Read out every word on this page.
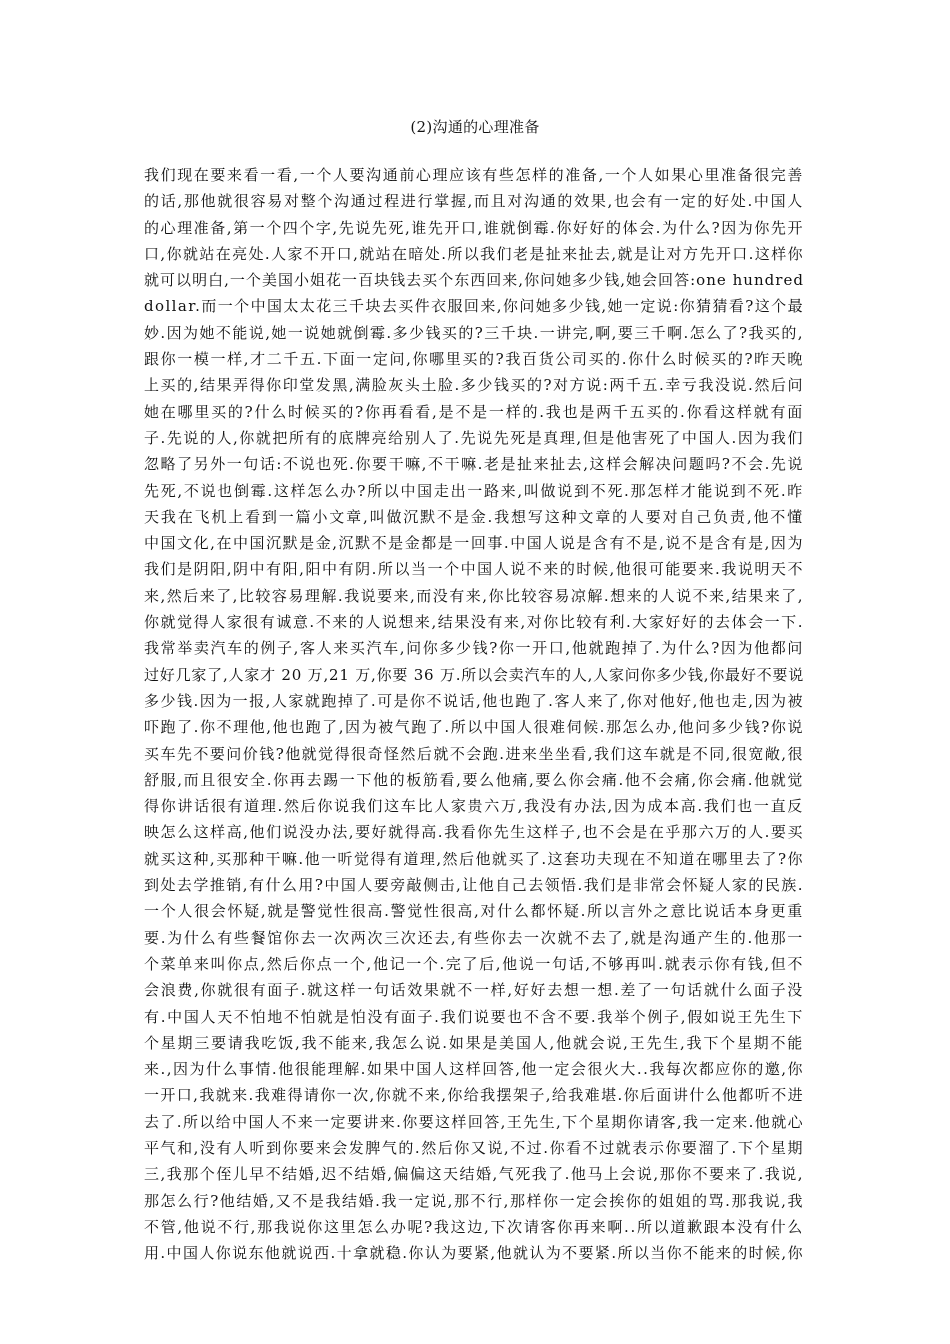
(2)沟通的心理准备
我们现在要来看一看,一个人要沟通前心理应该有些怎样的准备,一个人如果心里准备很完善
的话,那他就很容易对整个沟通过程进行掌握,而且对沟通的效果,也会有一定的好处.中国人
的心理准备,第一个四个字,先说先死,谁先开口,谁就倒霉.你好好的体会.为什么?因为你先开
口,你就站在亮处.人家不开口,就站在暗处.所以我们老是扯来扯去,就是让对方先开口.这样你
就可以明白,一个美国小姐花一百块钱去买个东西回来,你问她多少钱,她会回答:one hundred
dollar.而一个中国太太花三千块去买件衣服回来,你问她多少钱,她一定说:你猜猜看?这个最
妙.因为她不能说,她一说她就倒霉.多少钱买的?三千块.一讲完,啊,要三千啊.怎么了?我买的,
跟你一模一样,才二千五.下面一定问,你哪里买的?我百货公司买的.你什么时候买的?昨天晚
上买的,结果弄得你印堂发黑,满脸灰头土脸.多少钱买的?对方说:两千五.幸亏我没说.然后问
她在哪里买的?什么时候买的?你再看看,是不是一样的.我也是两千五买的.你看这样就有面
子.先说的人,你就把所有的底牌亮给别人了.先说先死是真理,但是他害死了中国人.因为我们
忽略了另外一句话:不说也死.你要干嘛,不干嘛.老是扯来扯去,这样会解决问题吗?不会.先说
先死,不说也倒霉.这样怎么办?所以中国走出一路来,叫做说到不死.那怎样才能说到不死.昨
天我在飞机上看到一篇小文章,叫做沉默不是金.我想写这种文章的人要对自己负责,他不懂
中国文化,在中国沉默是金,沉默不是金都是一回事.中国人说是含有不是,说不是含有是,因为
我们是阴阳,阴中有阳,阳中有阴.所以当一个中国人说不来的时候,他很可能要来.我说明天不
来,然后来了,比较容易理解.我说要来,而没有来,你比较容易凉解.想来的人说不来,结果来了,
你就觉得人家很有诚意.不来的人说想来,结果没有来,对你比较有利.大家好好的去体会一下.
我常举卖汽车的例子,客人来买汽车,问你多少钱?你一开口,他就跑掉了.为什么?因为他都问
过好几家了,人家才 20 万,21 万,你要 36 万.所以会卖汽车的人,人家问你多少钱,你最好不要说
多少钱.因为一报,人家就跑掉了.可是你不说话,他也跑了.客人来了,你对他好,他也走,因为被
吓跑了.你不理他,他也跑了,因为被气跑了.所以中国人很难伺候.那怎么办,他问多少钱?你说
买车先不要问价钱?他就觉得很奇怪然后就不会跑.进来坐坐看,我们这车就是不同,很宽敞,很
舒服,而且很安全.你再去踢一下他的板筋看,要么他痛,要么你会痛.他不会痛,你会痛.他就觉
得你讲话很有道理.然后你说我们这车比人家贵六万,我没有办法,因为成本高.我们也一直反
映怎么这样高,他们说没办法,要好就得高.我看你先生这样子,也不会是在乎那六万的人.要买
就买这种,买那种干嘛.他一听觉得有道理,然后他就买了.这套功夫现在不知道在哪里去了?你
到处去学推销,有什么用?中国人要旁敲侧击,让他自己去领悟.我们是非常会怀疑人家的民族.
一个人很会怀疑,就是警觉性很高.警觉性很高,对什么都怀疑.所以言外之意比说话本身更重
要.为什么有些餐馆你去一次两次三次还去,有些你去一次就不去了,就是沟通产生的.他那一
个菜单来叫你点,然后你点一个,他记一个.完了后,他说一句话,不够再叫.就表示你有钱,但不
会浪费,你就很有面子.就这样一句话效果就不一样,好好去想一想.差了一句话就什么面子没
有.中国人天不怕地不怕就是怕没有面子.我们说要也不含不要.我举个例子,假如说王先生下
个星期三要请我吃饭,我不能来,我怎么说.如果是美国人,他就会说,王先生,我下个星期不能
来.,因为什么事情.他很能理解.如果中国人这样回答,他一定会很火大..我每次都应你的邀,你
一开口,我就来.我难得请你一次,你就不来,你给我摆架子,给我难堪.你后面讲什么他都听不进
去了.所以给中国人不来一定要讲来.你要这样回答,王先生,下个星期你请客,我一定来.他就心
平气和,没有人听到你要来会发脾气的.然后你又说,不过.你看不过就表示你要溜了.下个星期
三,我那个侄儿早不结婚,迟不结婚,偏偏这天结婚,气死我了.他马上会说,那你不要来了.我说,
那怎么行?他结婚,又不是我结婚.我一定说,那不行,那样你一定会挨你的姐姐的骂.那我说,我
不管,他说不行,那我说你这里怎么办呢?我这边,下次请客你再来啊..所以道歉跟本没有什么
用.中国人你说东他就说西.十拿就稳.你认为要紧,他就认为不要紧.所以当你不能来的时候,你
